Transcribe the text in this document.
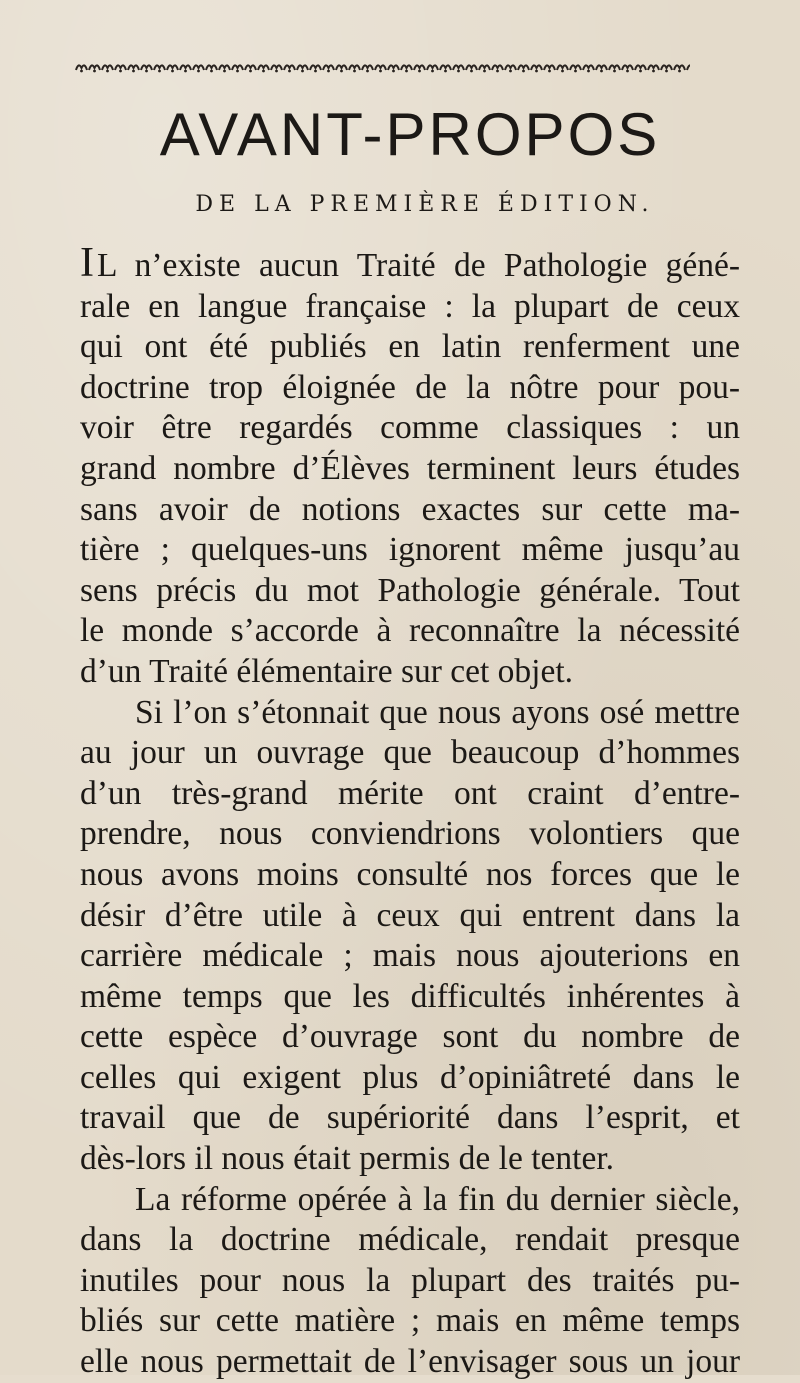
AVANT-PROPOS
DE LA PREMIÈRE ÉDITION.
IL n’existe aucun Traité de Pathologie géné-
rale en langue française : la plupart de ceux
qui ont été publiés en latin renferment une
doctrine trop éloignée de la nôtre pour pou-
voir être regardés comme classiques : un
grand nombre d’Élèves terminent leurs études
sans avoir de notions exactes sur cette ma-
tière ; quelques-uns ignorent même jusqu’au
sens précis du mot Pathologie générale. Tout
le monde s’accorde à reconnaître la nécessité
d’un Traité élémentaire sur cet objet.
Si l’on s’étonnait que nous ayons osé mettre
au jour un ouvrage que beaucoup d’hommes
d’un très-grand mérite ont craint d’entre-
prendre, nous conviendrions volontiers que
nous avons moins consulté nos forces que le
désir d’être utile à ceux qui entrent dans la
carrière médicale ; mais nous ajouterions en
même temps que les difficultés inhérentes à
cette espèce d’ouvrage sont du nombre de
celles qui exigent plus d’opiniâtreté dans le
travail que de supériorité dans l’esprit, et
dès-lors il nous était permis de le tenter.
La réforme opérée à la fin du dernier siècle,
dans la doctrine médicale, rendait presque
inutiles pour nous la plupart des traités pu-
bliés sur cette matière ; mais en même temps
elle nous permettait de l’envisager sous un jour
